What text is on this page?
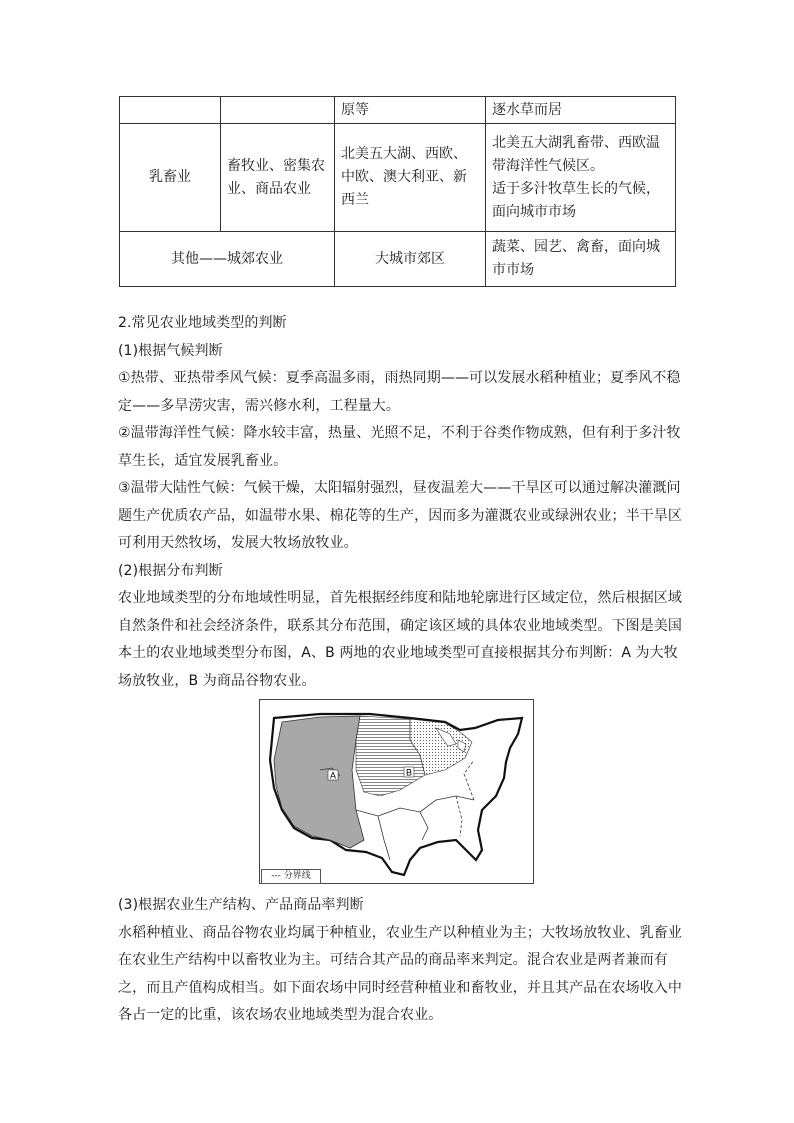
		原等	逐水草而居
乳畜业	畜牧业、密集农业、商品农业	北美五大湖、西欧、中欧、澳大利亚、新西兰	北美五大湖乳畜带、西欧温带海洋性气候区。
适于多汁牧草生长的气候，面向城市市场

其他——城郊农业		大城市郊区	蔬菜、园艺、禽畜，面向城市市场

2.常见农业地域类型的判断

(1)根据气候判断

①热带、亚热带季风气候：夏季高温多雨，雨热同期——可以发展水稻种植业；夏季风不稳定——多旱涝灾害，需兴修水利，工程量大。

②温带海洋性气候：降水较丰富，热量、光照不足，不利于谷类作物成熟，但有利于多汁牧草生长，适宜发展乳畜业。

③温带大陆性气候：气候干燥，太阳辐射强烈，昼夜温差大——干旱区可以通过解决灌溉问题生产优质农产品，如温带水果、棉花等的生产，因而多为灌溉农业或绿洲农业；半干旱区可利用天然牧场，发展大牧场放牧业。

(2)根据分布判断

农业地域类型的分布地域性明显，首先根据经纬度和陆地轮廓进行区域定位，然后根据区域自然条件和社会经济条件，联系其分布范围，确定该区域的具体农业地域类型。下图是美国本土的农业地域类型分布图，A、B 两地的农业地域类型可直接根据其分布判断：A 为大牧场放牧业，B 为商品谷物农业。

A	B
--- 分界线

(3)根据农业生产结构、产品商品率判断

水稻种植业、商品谷物农业均属于种植业，农业生产以种植业为主；大牧场放牧业、乳畜业在农业生产结构中以畜牧业为主。可结合其产品的商品率来判定。混合农业是两者兼而有之，而且产值构成相当。如下面农场中同时经营种植业和畜牧业，并且其产品在农场收入中各占一定的比重，该农场农业地域类型为混合农业。
